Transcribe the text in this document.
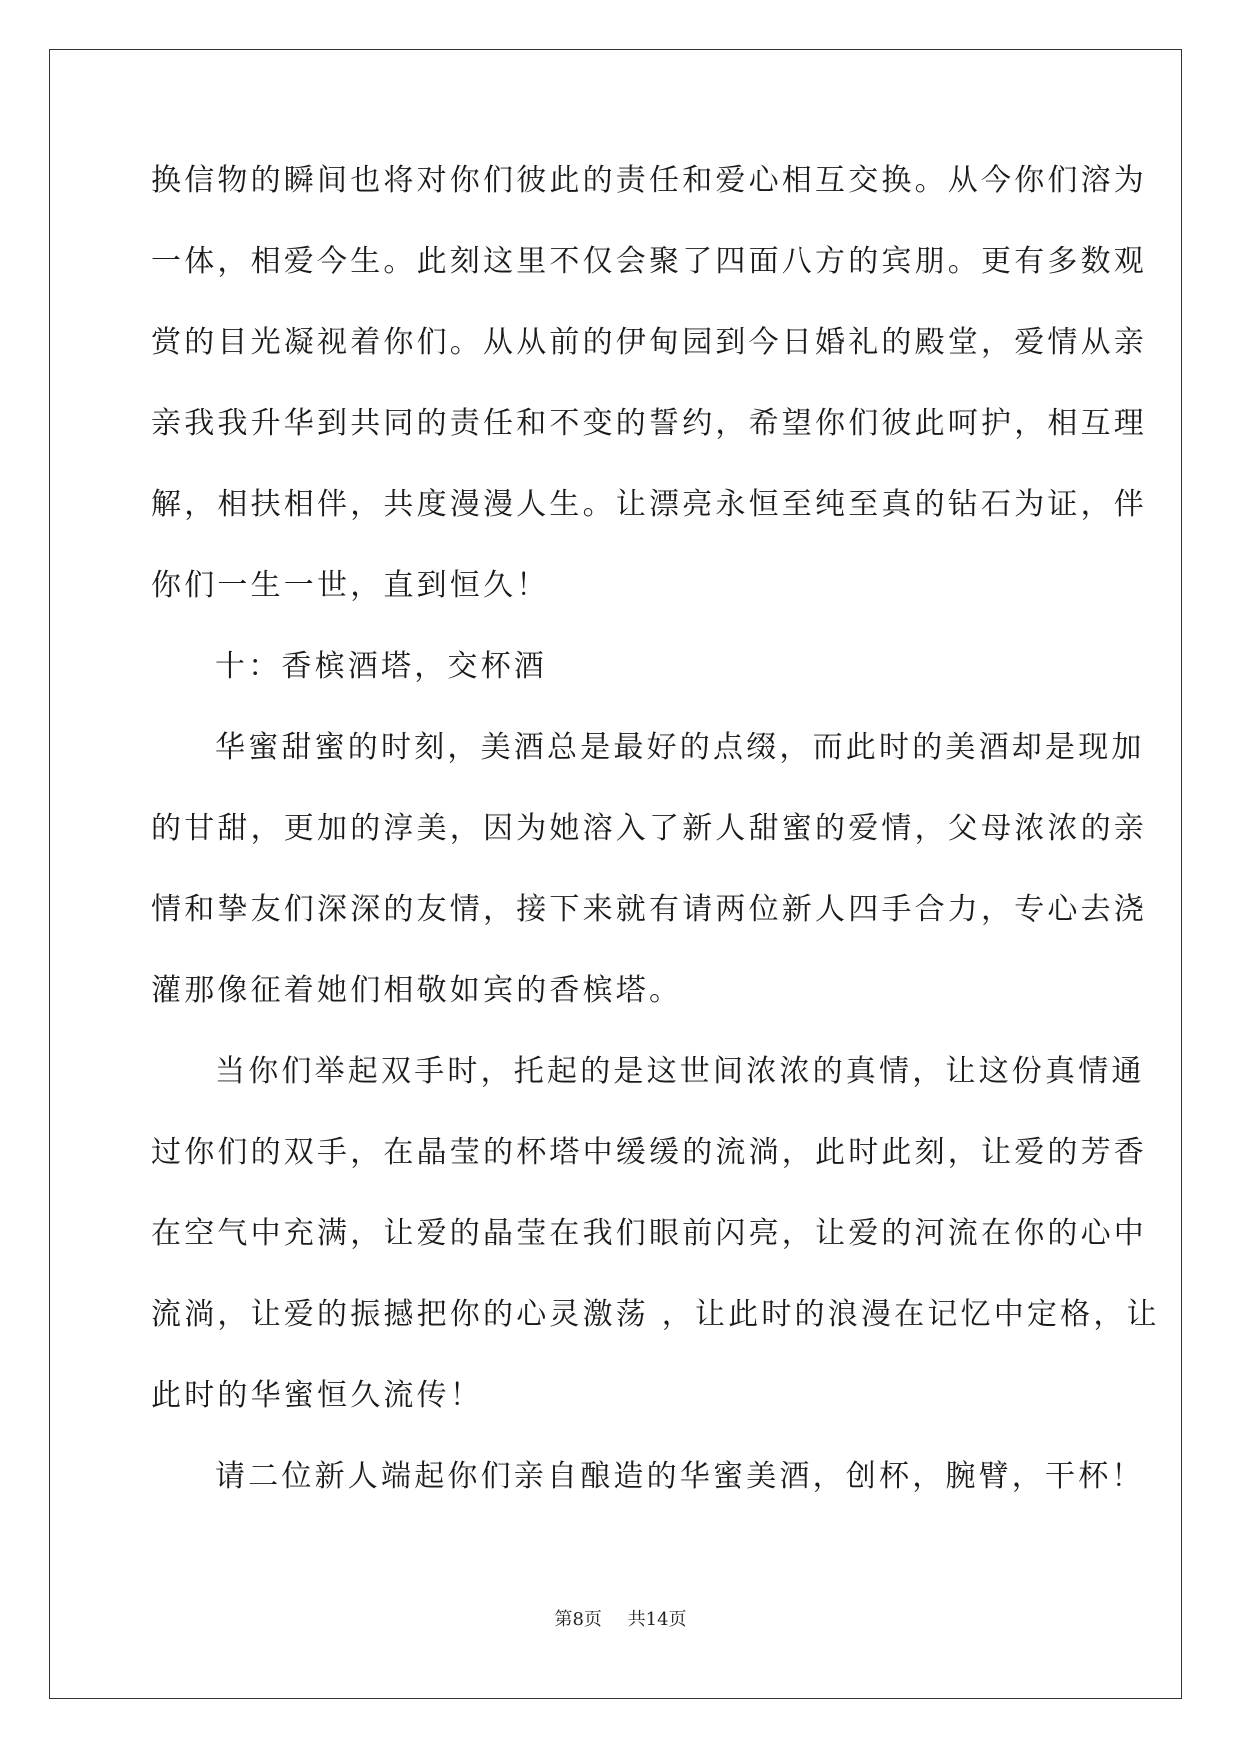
换信物的瞬间也将对你们彼此的责任和爱心相互交换。从今你们溶为
一体，相爱今生。此刻这里不仅会聚了四面八方的宾朋。更有多数观
赏的目光凝视着你们。从从前的伊甸园到今日婚礼的殿堂，爱情从亲
亲我我升华到共同的责任和不变的誓约，希望你们彼此呵护，相互理
解，相扶相伴，共度漫漫人生。让漂亮永恒至纯至真的钻石为证，伴
你们一生一世，直到恒久！
十：香槟酒塔，交杯酒
华蜜甜蜜的时刻，美酒总是最好的点缀，而此时的美酒却是现加
的甘甜，更加的淳美，因为她溶入了新人甜蜜的爱情，父母浓浓的亲
情和挚友们深深的友情，接下来就有请两位新人四手合力，专心去浇
灌那像征着她们相敬如宾的香槟塔。
当你们举起双手时，托起的是这世间浓浓的真情，让这份真情通
过你们的双手，在晶莹的杯塔中缓缓的流淌，此时此刻，让爱的芳香
在空气中充满，让爱的晶莹在我们眼前闪亮，让爱的河流在你的心中
流淌，让爱的振撼把你的心灵激荡 ，让此时的浪漫在记忆中定格，让
此时的华蜜恒久流传！
请二位新人端起你们亲自酿造的华蜜美酒，创杯，腕臂，干杯！
第8页 共14页
